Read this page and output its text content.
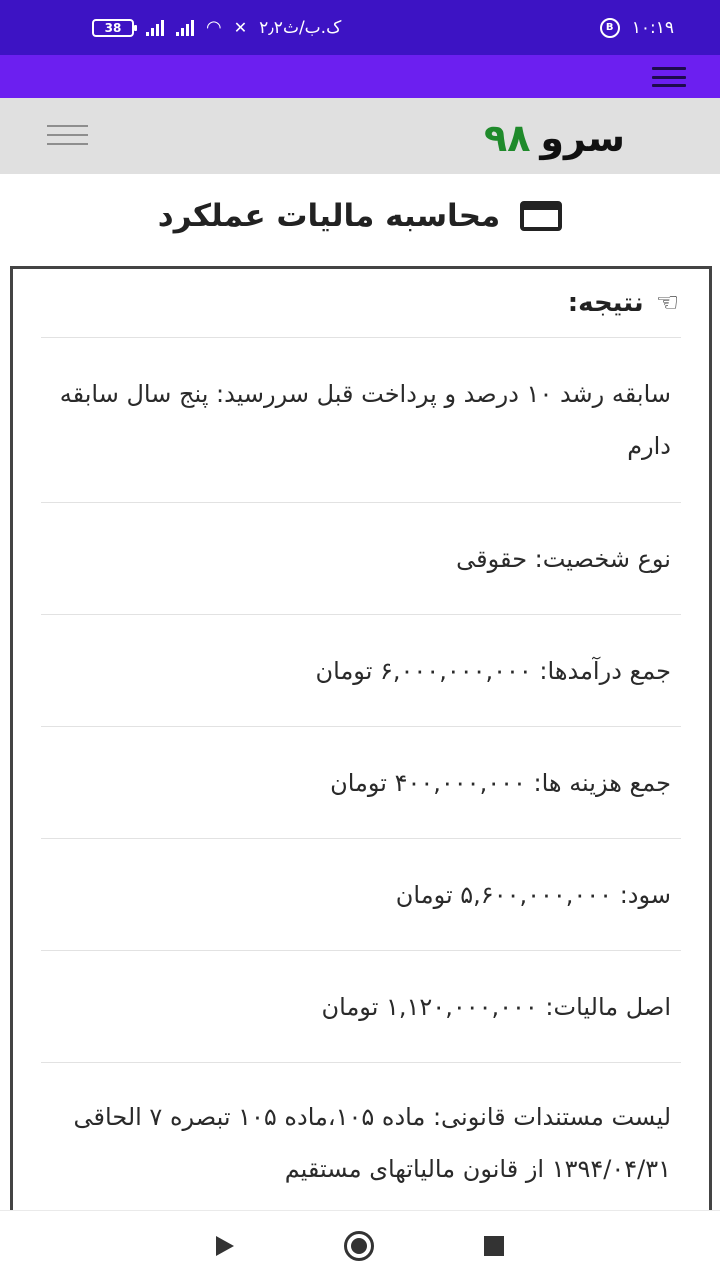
38	◠ ✕ ۲٫۲ک.ب/ث	B	۱۰:۱۹
۹۸ سرو
محاسبه مالیات عملکرد
☜
نتیجه:
سابقه رشد ۱۰ درصد و پرداخت قبل سررسید: پنج سال سابقه دارم
نوع شخصیت: حقوقی
جمع درآمدها: ۶,۰۰۰,۰۰۰,۰۰۰ تومان
جمع هزینه ها: ۴۰۰,۰۰۰,۰۰۰ تومان
سود: ۵,۶۰۰,۰۰۰,۰۰۰ تومان
اصل مالیات: ۱,۱۲۰,۰۰۰,۰۰۰ تومان
لیست مستندات قانونی: ماده ۱۰۵،ماده ۱۰۵ تبصره ۷ الحاقی ۱۳۹۴/۰۴/۳۱ از قانون مالیاتهای مستقیم
